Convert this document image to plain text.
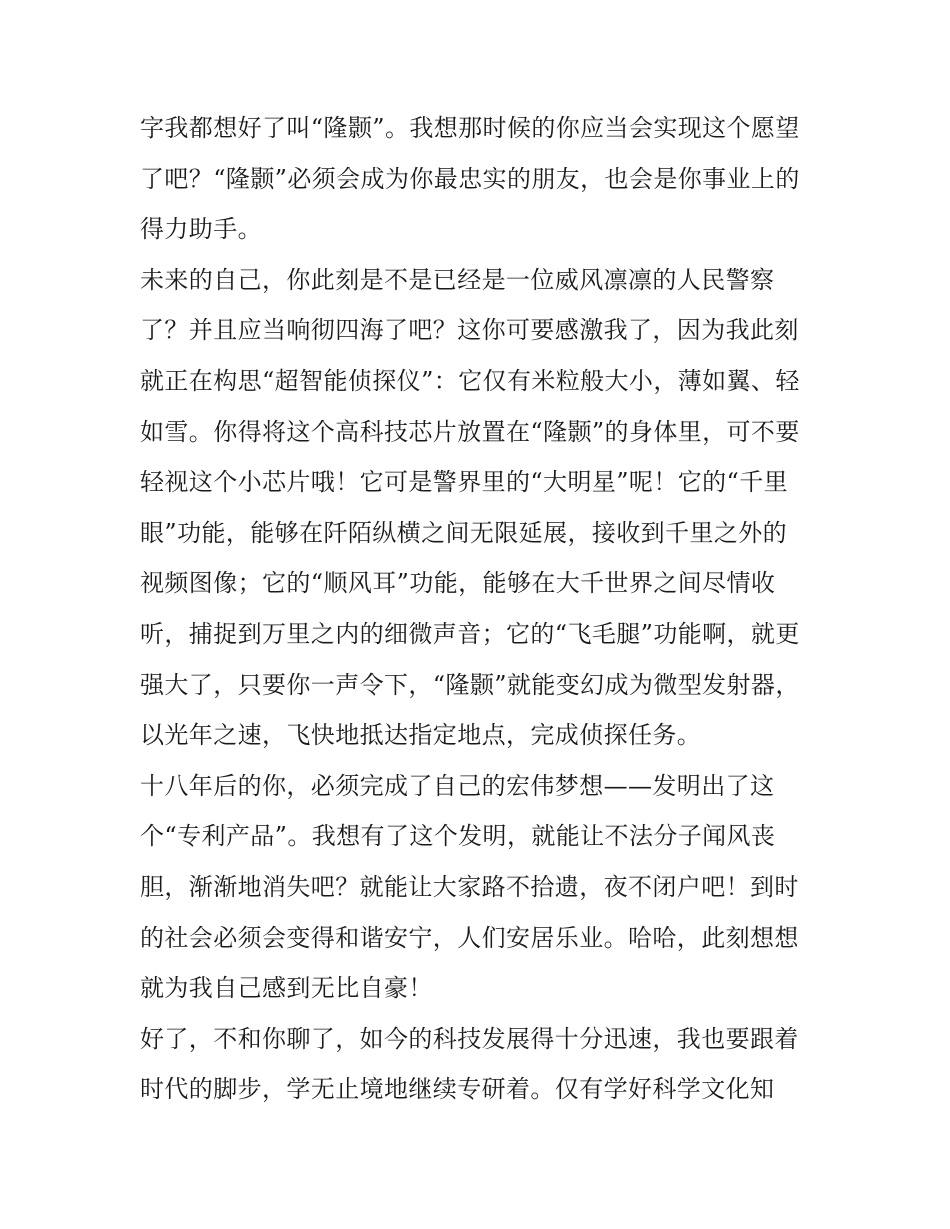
字我都想好了叫“隆颢”。我想那时候的你应当会实现这个愿望
了吧？“隆颢”必须会成为你最忠实的朋友，也会是你事业上的
得力助手。
未来的自己，你此刻是不是已经是一位威风凛凛的人民警察
了？并且应当响彻四海了吧？这你可要感激我了，因为我此刻
就正在构思“超智能侦探仪”：它仅有米粒般大小，薄如翼、轻
如雪。你得将这个高科技芯片放置在“隆颢”的身体里，可不要
轻视这个小芯片哦！它可是警界里的“大明星”呢！它的“千里
眼”功能，能够在阡陌纵横之间无限延展，接收到千里之外的
视频图像；它的“顺风耳”功能，能够在大千世界之间尽情收
听，捕捉到万里之内的细微声音；它的“飞毛腿”功能啊，就更
强大了，只要你一声令下，“隆颢”就能变幻成为微型发射器，
以光年之速，飞快地抵达指定地点，完成侦探任务。
十八年后的你，必须完成了自己的宏伟梦想——发明出了这
个“专利产品”。我想有了这个发明，就能让不法分子闻风丧
胆，渐渐地消失吧？就能让大家路不拾遗，夜不闭户吧！到时
的社会必须会变得和谐安宁，人们安居乐业。哈哈，此刻想想
就为我自己感到无比自豪！
好了，不和你聊了，如今的科技发展得十分迅速，我也要跟着
时代的脚步，学无止境地继续专研着。仅有学好科学文化知
